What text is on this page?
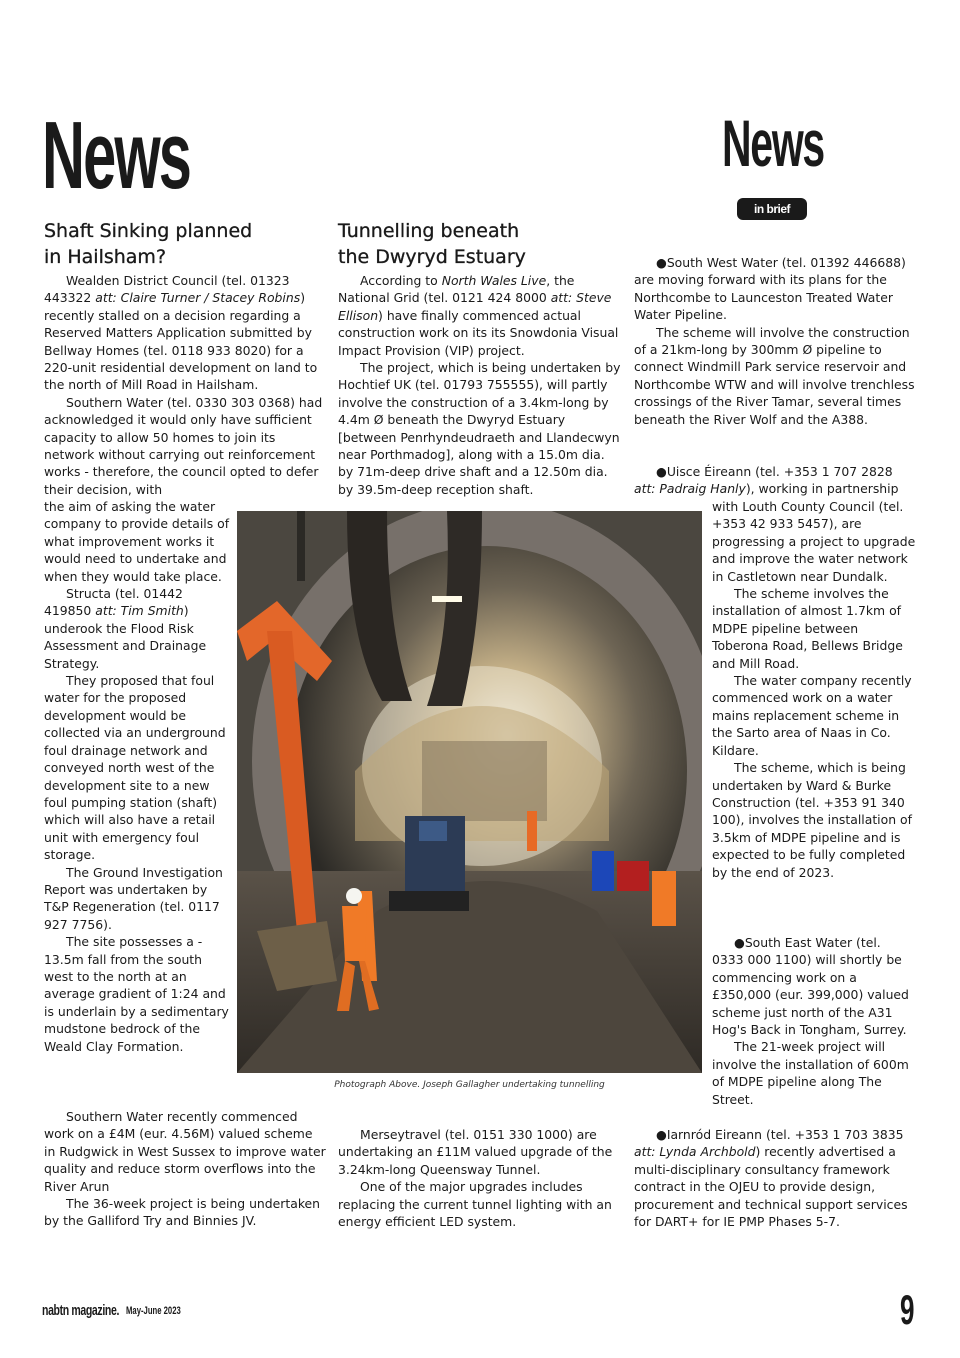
News	News
in brief
Shaft Sinking planned
in Hailsham?

Wealden District Council (tel. 01323 443322 att: Claire Turner / Stacey Robins) recently stalled on a decision regarding a Reserved Matters Application submitted by Bellway Homes (tel. 0118 933 8020) for a 220-unit residential development on land to the north of Mill Road in Hailsham.

Southern Water (tel. 0330 303 0368) had acknowledged it would only have sufficient capacity to allow 50 homes to join its network without carrying out reinforcement works - therefore, the council opted to defer their decision, with

the aim of asking the water company to provide details of what improvement works it would need to undertake and when they would take place.

Structa (tel. 01442 419850 att: Tim Smith) underook the Flood Risk Assessment and Drainage Strategy.

They proposed that foul water for the proposed development would be collected via an underground foul drainage network and conveyed north west of the development site to a new foul pumping station (shaft) which will also have a retail unit with emergency foul storage.

The Ground Investigation Report was undertaken by T&P Regeneration (tel. 0117 927 7756).

The site possesses a - 13.5m fall from the south west to the north at an average gradient of 1:24 and is underlain by a sedimentary mudstone bedrock of the Weald Clay Formation.

Southern Water recently commenced work on a £4M (eur. 4.56M) valued scheme in Rudgwick in West Sussex to improve water quality and reduce storm overflows into the River Arun

The 36-week project is being undertaken by the Galliford Try and Binnies JV.

Tunnelling beneath
the Dwyryd Estuary

According to North Wales Live, the National Grid (tel. 0121 424 8000 att: Steve Ellison) have finally commenced actual construction work on its its Snowdonia Visual Impact Provision (VIP) project.

The project, which is being undertaken by Hochtief UK (tel. 01793 755555), will partly involve the construction of a 3.4km-long by 4.4m Ø beneath the Dwyryd Estuary [between Penrhyndeudraeth and Llandecwyn near Porthmadog], along with a 15.0m dia. by 71m-deep drive shaft and a 12.50m dia. by 39.5m-deep reception shaft.

Merseytravel (tel. 0151 330 1000) are undertaking an £11M valued upgrade of the 3.24km-long Queensway Tunnel.

One of the major upgrades includes replacing the current tunnel lighting with an energy efficient LED system.

Photograph Above. Joseph Gallagher undertaking tunnelling

● South West Water (tel. 01392 446688) are moving forward with its plans for the Northcombe to Launceston Treated Water Water Pipeline.

The scheme will involve the construction of a 21km-long by 300mm Ø pipeline to connect Windmill Park service reservoir and Northcombe WTW and will involve trenchless crossings of the River Tamar, several times beneath the River Wolf and the A388.

● Uisce Éireann (tel. +353 1 707 2828 att: Padraig Hanly), working in partnership

with Louth County Council (tel. +353 42 933 5457), are progressing a project to upgrade and improve the water network in Castletown near Dundalk.

The scheme involves the installation of almost 1.7km of MDPE pipeline between Toberona Road, Bellews Bridge and Mill Road.

The water company recently commenced work on a water mains replacement scheme in the Sarto area of Naas in Co. Kildare.

The scheme, which is being undertaken by Ward & Burke Construction (tel. +353 91 340 100), involves the installation of 3.5km of MDPE pipeline and is expected to be fully completed by the end of 2023.

● South East Water (tel. 0333 000 1100) will shortly be commencing work on a £350,000 (eur. 399,000) valued scheme just north of the A31 Hog's Back in Tongham, Surrey.

The 21-week project will involve the installation of 600m of MDPE pipeline along The Street.

● Iarnród Eireann (tel. +353 1 703 3835 att: Lynda Archbold) recently advertised a multi-disciplinary consultancy framework contract in the OJEU to provide design, procurement and technical support services for DART+ for IE PMP Phases 5-7.

nabtn magazine. May-June 2023	9
